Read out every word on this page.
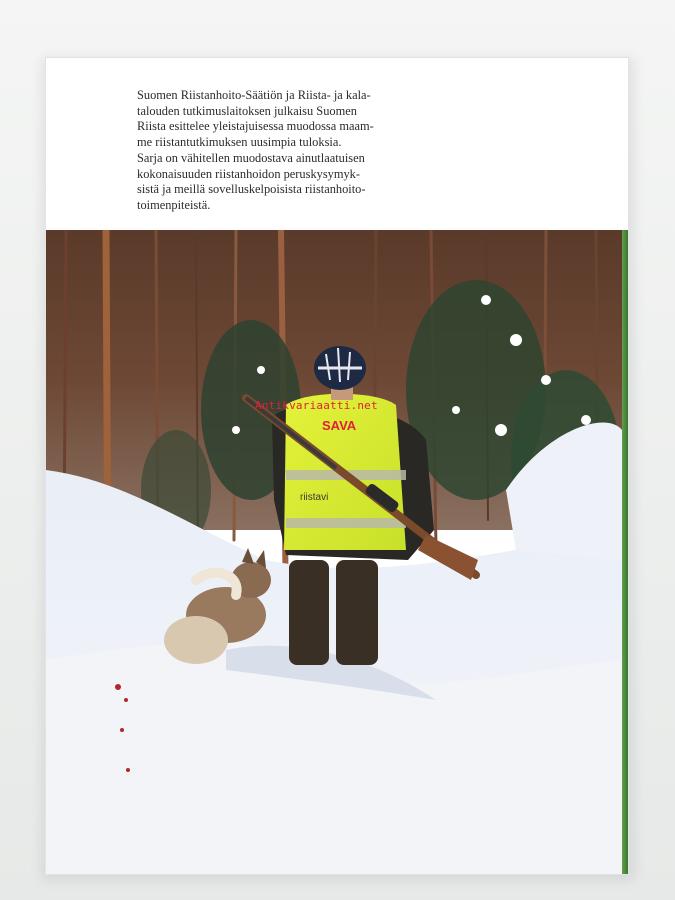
Suomen Riistanhoito-Säätiön ja Riista- ja kala-
talouden tutkimuslaitoksen julkaisu Suomen
Riista esittelee yleistajuisessa muodossa maam-
me riistantutkimuksen uusimpia tuloksia.
Sarja on vähitellen muodostava ainutlaatuisen
kokonaisuuden riistanhoidon peruskysymyk-
sistä ja meillä sovelluskelpoisista riistanhoito-
toimenpiteistä.

SAVA
riistavi
Antikvariaatti.net
